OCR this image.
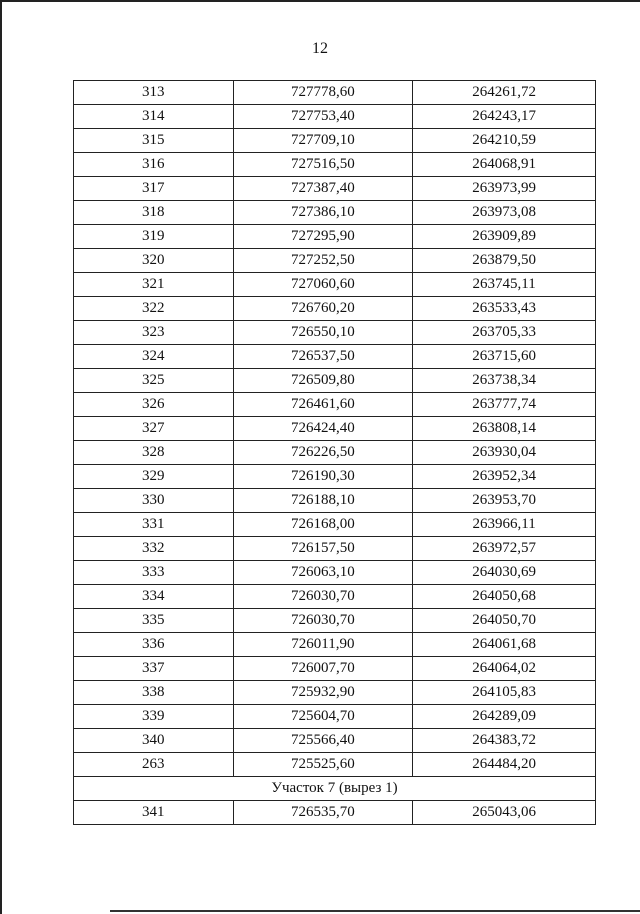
12
313	727778,60	264261,72
314	727753,40	264243,17
315	727709,10	264210,59
316	727516,50	264068,91
317	727387,40	263973,99
318	727386,10	263973,08
319	727295,90	263909,89
320	727252,50	263879,50
321	727060,60	263745,11
322	726760,20	263533,43
323	726550,10	263705,33
324	726537,50	263715,60
325	726509,80	263738,34
326	726461,60	263777,74
327	726424,40	263808,14
328	726226,50	263930,04
329	726190,30	263952,34
330	726188,10	263953,70
331	726168,00	263966,11
332	726157,50	263972,57
333	726063,10	264030,69
334	726030,70	264050,68
335	726030,70	264050,70
336	726011,90	264061,68
337	726007,70	264064,02
338	725932,90	264105,83
339	725604,70	264289,09
340	725566,40	264383,72
263	725525,60	264484,20
Участок 7 (вырез 1)		
341	726535,70	265043,06
